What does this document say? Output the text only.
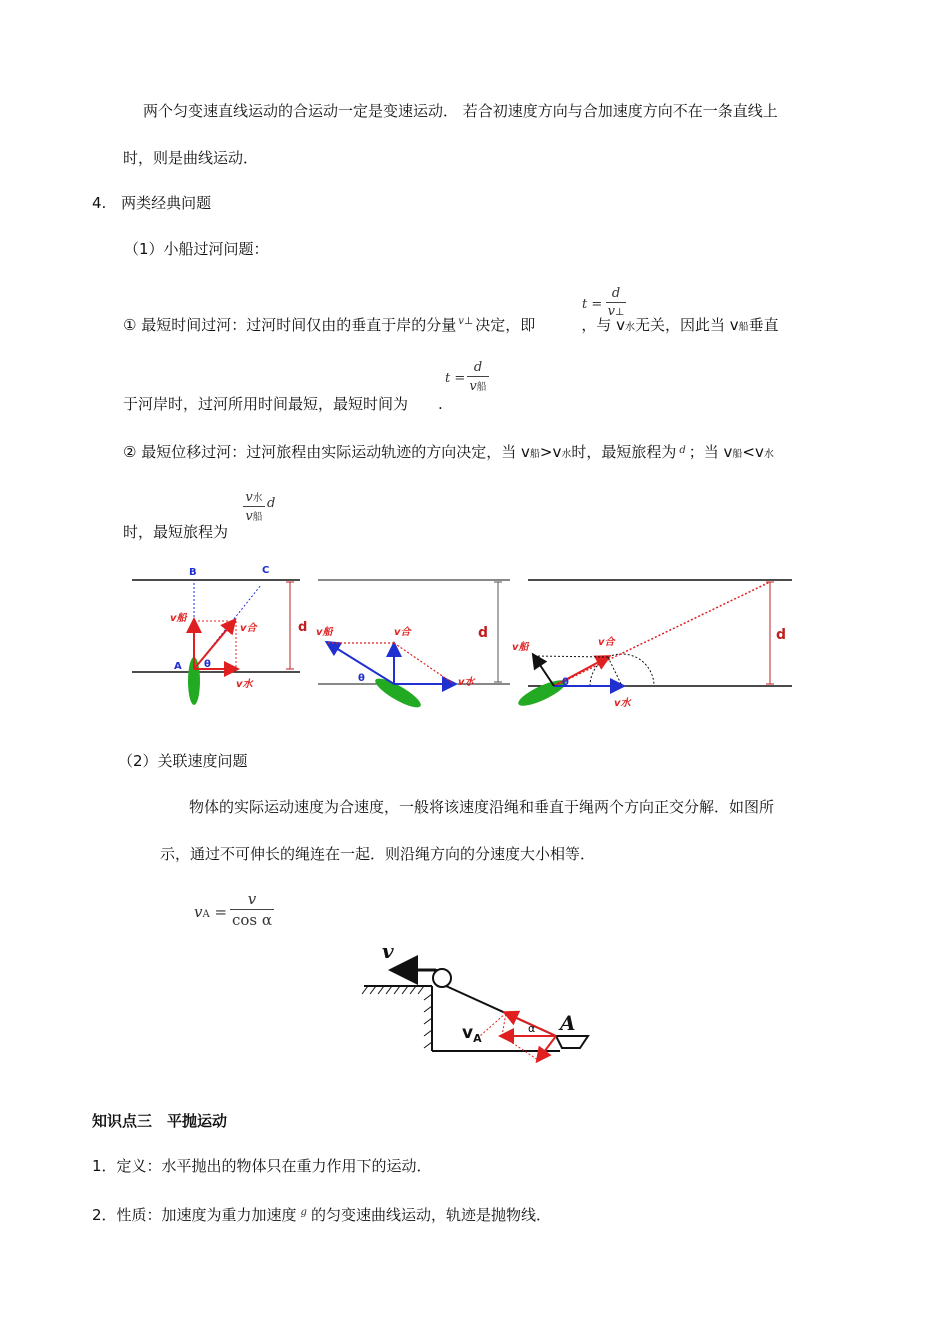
两个匀变速直线运动的合运动一定是变速运动． 若合初速度方向与合加速度方向不在一条直线上
时，则是曲线运动．
4. 两类经典问题
（1）小船过河问题：
① 最短时间过河：过河时间仅由的垂直于岸的分量 $^{v\perp}$ 决定，即	，与 v水无关，因此当 v船垂直
t =
d
v⊥
于河岸时，过河所用时间最短，最短时间为 .
t =
d
v船
② 最短位移过河：过河旅程由实际运动轨迹的方向决定，当 v船>v水时，最短旅程为 $^d$ ；当 v船<v水
时，最短旅程为
$\frac{\text{v水}}{\text{v船}}$ d
B	C
A θ
d
v船
v合
v水
v船	v合
v水
θ
d
v船	v合
v水
θ
d
（2）关联速度问题
物体的实际运动速度为合速度，一般将该速度沿绳和垂直于绳两个方向正交分解．如图所
示，通过不可伸长的绳连在一起．则沿绳方向的分速度大小相等．
vA =
v
cos α
v
$v_A$
α A
知识点三　平抛运动
1．定义：水平抛出的物体只在重力作用下的运动．
2．性质：加速度为重力加速度 $^g$ 的匀变速曲线运动，轨迹是抛物线．
